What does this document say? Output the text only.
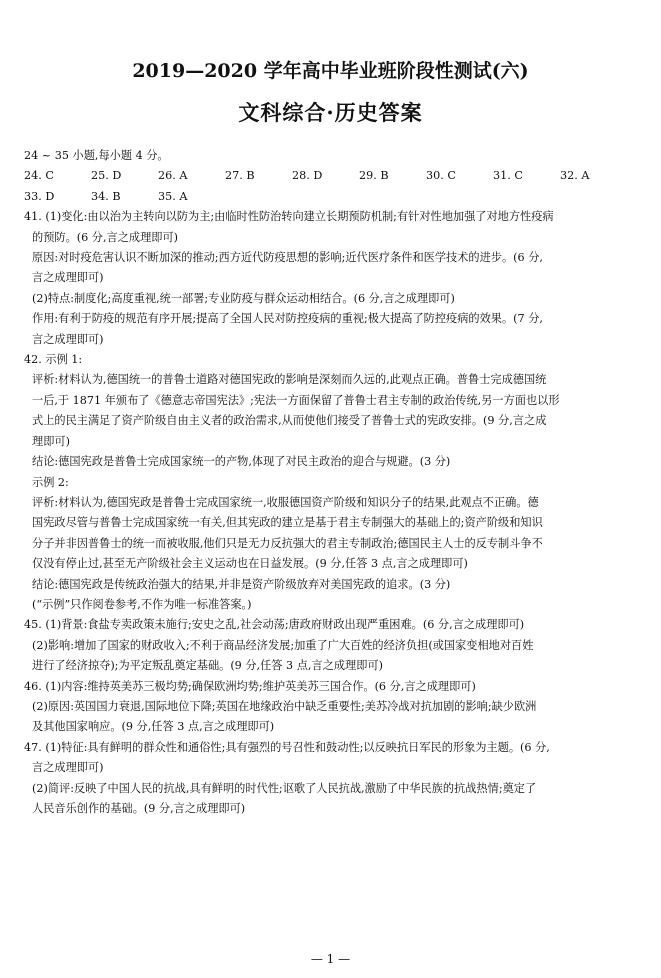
2019—2020 学年高中毕业班阶段性测试(六)
文科综合·历史答案
24 ~ 35 小题,每小题 4 分。
24. C	25. D	26. A	27. B	28. D	29. B	30. C	31. C	32. A
33. D	34. B	35. A
41. (1)变化:由以治为主转向以防为主;由临时性防治转向建立长期预防机制;有针对性地加强了对地方性疫病
的预防。(6 分,言之成理即可)
原因:对时疫危害认识不断加深的推动;西方近代防疫思想的影响;近代医疗条件和医学技术的进步。(6 分,
言之成理即可)
(2)特点:制度化;高度重视,统一部署;专业防疫与群众运动相结合。(6 分,言之成理即可)
作用:有利于防疫的规范有序开展;提高了全国人民对防控疫病的重视;极大提高了防控疫病的效果。(7 分,
言之成理即可)
42. 示例 1:
评析:材料认为,德国统一的普鲁士道路对德国宪政的影响是深刻而久远的,此观点正确。普鲁士完成德国统
一后,于 1871 年颁布了《德意志帝国宪法》;宪法一方面保留了普鲁士君主专制的政治传统,另一方面也以形
式上的民主满足了资产阶级自由主义者的政治需求,从而使他们接受了普鲁士式的宪政安排。(9 分,言之成
理即可)
结论:德国宪政是普鲁士完成国家统一的产物,体现了对民主政治的迎合与规避。(3 分)
示例 2:
评析:材料认为,德国宪政是普鲁士完成国家统一,收服德国资产阶级和知识分子的结果,此观点不正确。德
国宪政尽管与普鲁士完成国家统一有关,但其宪政的建立是基于君主专制强大的基础上的;资产阶级和知识
分子并非因普鲁士的统一而被收服,他们只是无力反抗强大的君主专制政治;德国民主人士的反专制斗争不
仅没有停止过,甚至无产阶级社会主义运动也在日益发展。(9 分,任答 3 点,言之成理即可)
结论:德国宪政是传统政治强大的结果,并非是资产阶级放弃对美国宪政的追求。(3 分)
(“示例”只作阅卷参考,不作为唯一标准答案。)
45. (1)背景:食盐专卖政策未施行;安史之乱,社会动荡;唐政府财政出现严重困难。(6 分,言之成理即可)
(2)影响:增加了国家的财政收入;不利于商品经济发展;加重了广大百姓的经济负担(或国家变相地对百姓
进行了经济掠夺);为平定叛乱奠定基础。(9 分,任答 3 点,言之成理即可)
46. (1)内容:维持英美苏三极均势;确保欧洲均势;维护英美苏三国合作。(6 分,言之成理即可)
(2)原因:英国国力衰退,国际地位下降;英国在地缘政治中缺乏重要性;美苏冷战对抗加剧的影响;缺少欧洲
及其他国家响应。(9 分,任答 3 点,言之成理即可)
47. (1)特征:具有鲜明的群众性和通俗性;具有强烈的号召性和鼓动性;以反映抗日军民的形象为主题。(6 分,
言之成理即可)
(2)简评:反映了中国人民的抗战,具有鲜明的时代性;讴歌了人民抗战,激励了中华民族的抗战热情;奠定了
人民音乐创作的基础。(9 分,言之成理即可)
— 1 —
